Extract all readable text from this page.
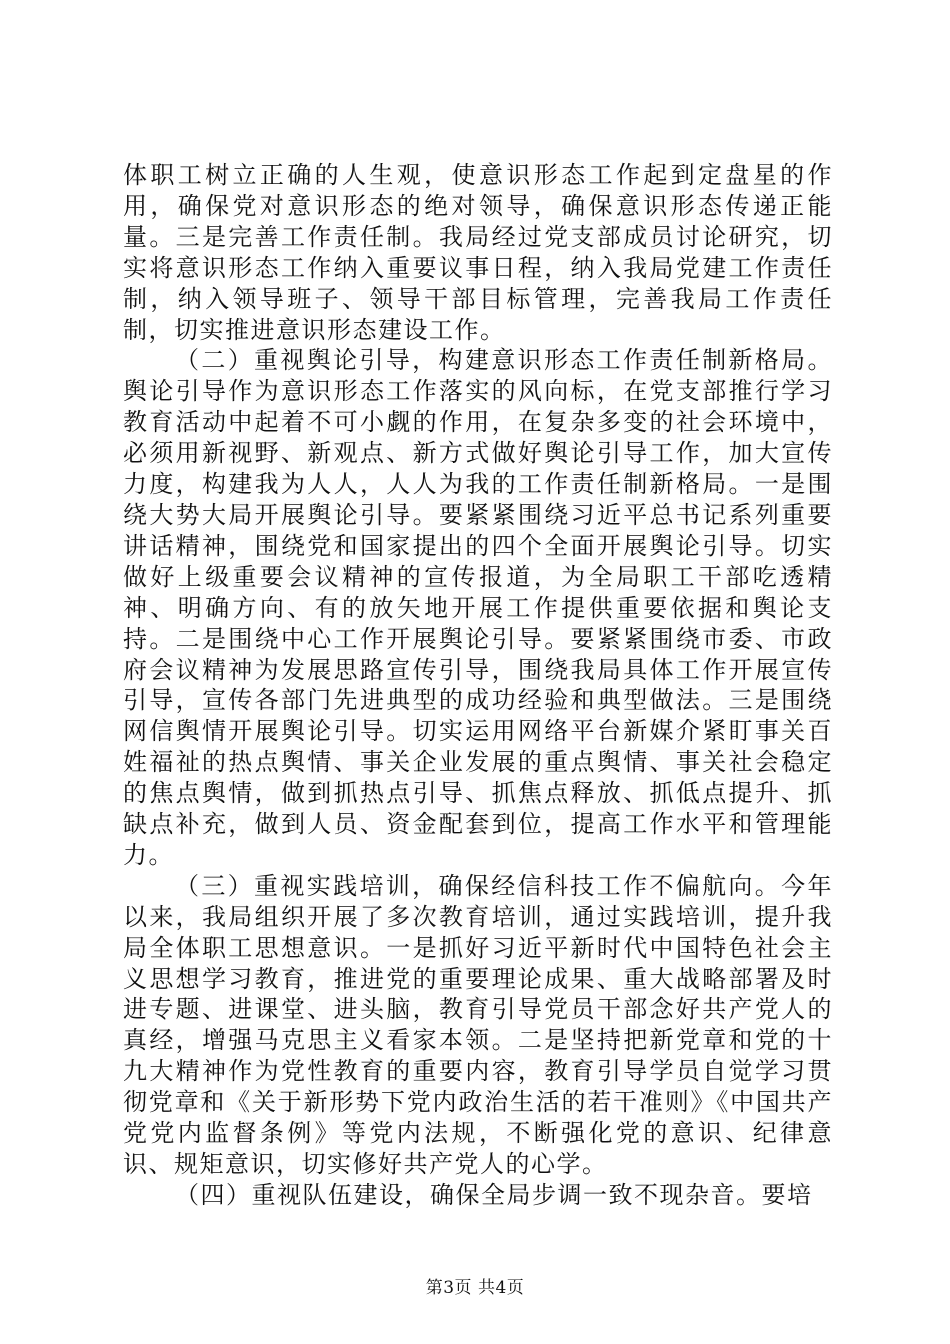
体职工树立正确的人生观，使意识形态工作起到定盘星的作用，确保党对意识形态的绝对领导，确保意识形态传递正能量。三是完善工作责任制。我局经过党支部成员讨论研究，切实将意识形态工作纳入重要议事日程，纳入我局党建工作责任制，纳入领导班子、领导干部目标管理，完善我局工作责任制，切实推进意识形态建设工作。

（二）重视舆论引导，构建意识形态工作责任制新格局。舆论引导作为意识形态工作落实的风向标，在党支部推行学习教育活动中起着不可小觑的作用，在复杂多变的社会环境中，必须用新视野、新观点、新方式做好舆论引导工作，加大宣传力度，构建我为人人，人人为我的工作责任制新格局。一是围绕大势大局开展舆论引导。要紧紧围绕习近平总书记系列重要讲话精神，围绕党和国家提出的四个全面开展舆论引导。切实做好上级重要会议精神的宣传报道，为全局职工干部吃透精神、明确方向、有的放矢地开展工作提供重要依据和舆论支持。二是围绕中心工作开展舆论引导。要紧紧围绕市委、市政府会议精神为发展思路宣传引导，围绕我局具体工作开展宣传引导，宣传各部门先进典型的成功经验和典型做法。三是围绕网信舆情开展舆论引导。切实运用网络平台新媒介紧盯事关百姓福祉的热点舆情、事关企业发展的重点舆情、事关社会稳定的焦点舆情，做到抓热点引导、抓焦点释放、抓低点提升、抓缺点补充，做到人员、资金配套到位，提高工作水平和管理能力。

（三）重视实践培训，确保经信科技工作不偏航向。今年以来，我局组织开展了多次教育培训，通过实践培训，提升我局全体职工思想意识。一是抓好习近平新时代中国特色社会主义思想学习教育，推进党的重要理论成果、重大战略部署及时进专题、进课堂、进头脑，教育引导党员干部念好共产党人的真经，增强马克思主义看家本领。二是坚持把新党章和党的十九大精神作为党性教育的重要内容，教育引导学员自觉学习贯彻党章和《关于新形势下党内政治生活的若干准则》《中国共产党党内监督条例》等党内法规，不断强化党的意识、纪律意识、规矩意识，切实修好共产党人的心学。

（四）重视队伍建设，确保全局步调一致不现杂音。要培

第3页 共4页
